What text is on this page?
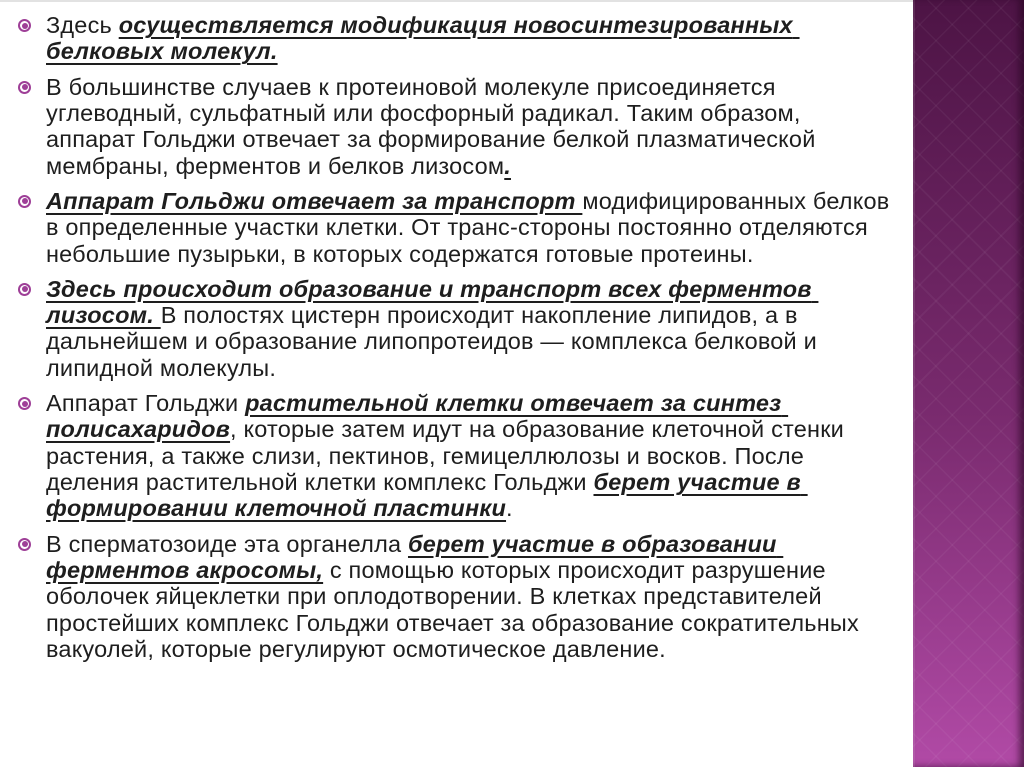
Здесь осуществляется модификация новосинтезированных белковых молекул.
В большинстве случаев к протеиновой молекуле присоединяется углеводный, сульфатный или фосфорный радикал. Таким образом, аппарат Гольджи отвечает за формирование белкой плазматической мембраны, ферментов и белков лизосом.
Аппарат Гольджи отвечает за транспорт модифицированных белков в определенные участки клетки. От транс-стороны постоянно отделяются небольшие пузырьки, в которых содержатся готовые протеины.
Здесь происходит образование и транспорт всех ферментов лизосом. В полостях цистерн происходит накопление липидов, а в дальнейшем и образование липопротеидов — комплекса белковой и липидной молекулы.
Аппарат Гольджи растительной клетки отвечает за синтез полисахаридов, которые затем идут на образование клеточной стенки растения, а также слизи, пектинов, гемицеллюлозы и восков. После деления растительной клетки комплекс Гольджи берет участие в формировании клеточной пластинки.
В сперматозоиде эта органелла берет участие в образовании ферментов акросомы, с помощью которых происходит разрушение оболочек яйцеклетки при оплодотворении. В клетках представителей простейших комплекс Гольджи отвечает за образование сократительных вакуолей, которые регулируют осмотическое давление.
